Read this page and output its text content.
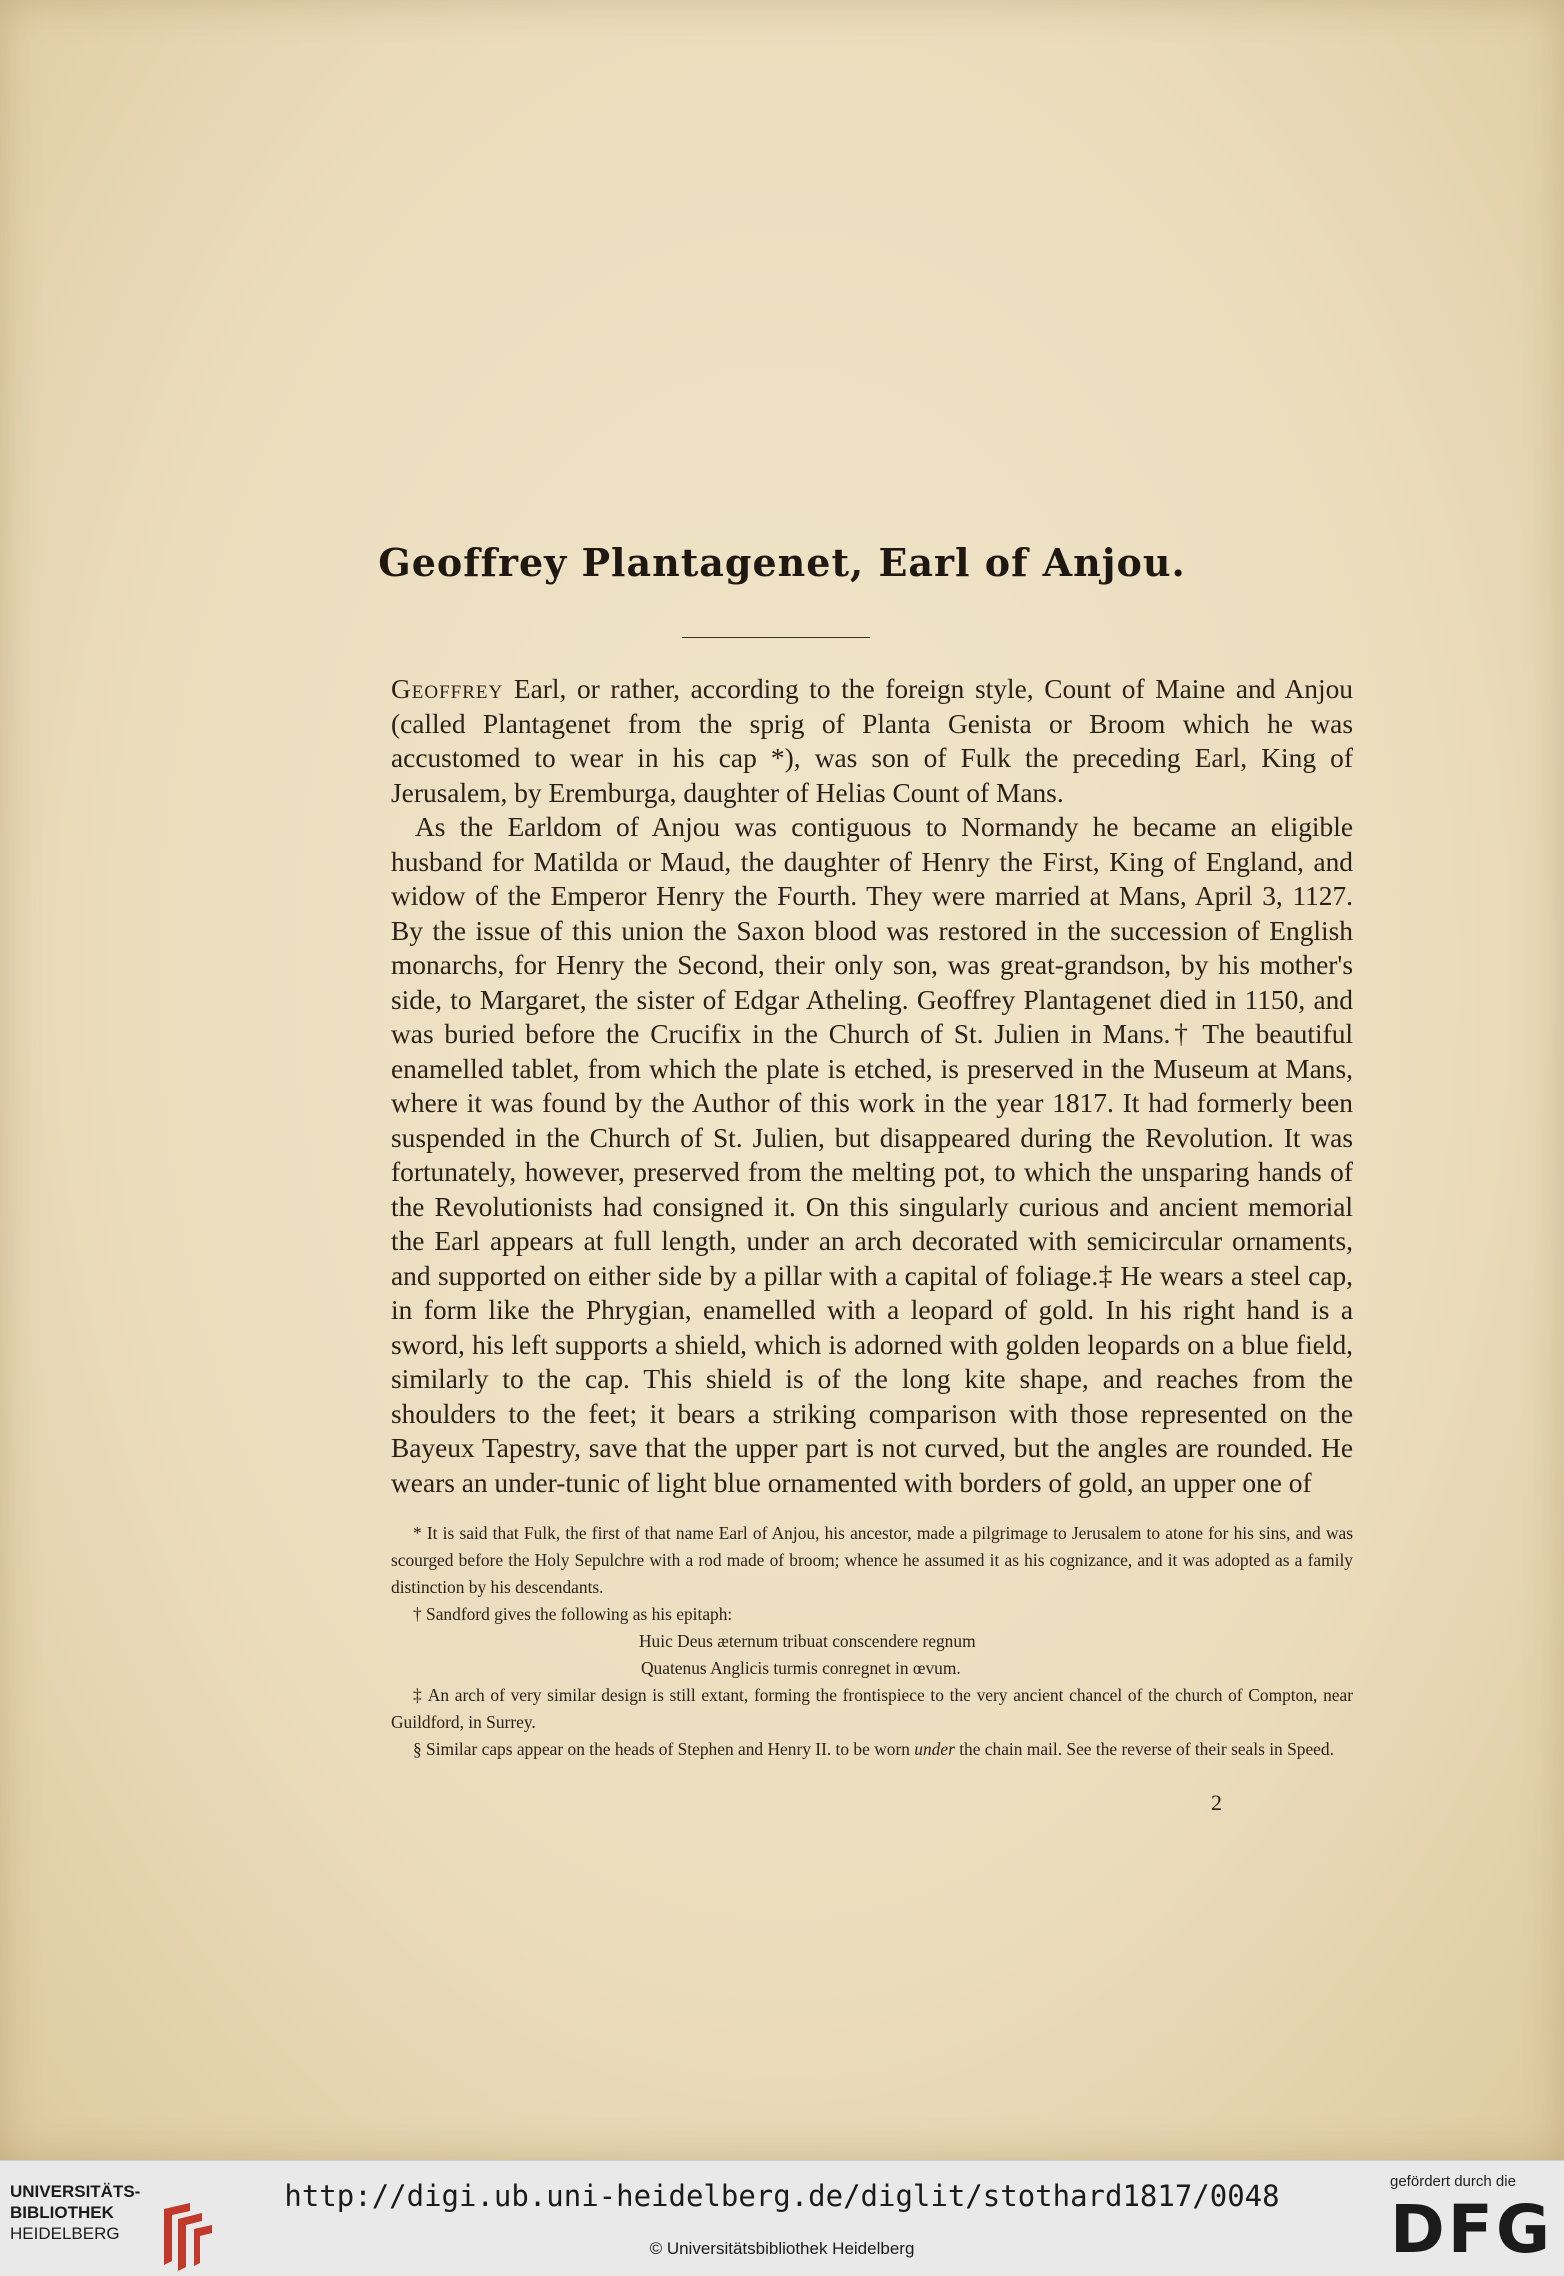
Geoffrey Plantagenet, Earl of Anjou.

Geoffrey Earl, or rather, according to the foreign style, Count of Maine and Anjou (called Plantagenet from the sprig of Planta Genista or Broom which he was accustomed to wear in his cap *), was son of Fulk the preceding Earl, King of Jerusalem, by Eremburga, daughter of Helias Count of Mans.

As the Earldom of Anjou was contiguous to Normandy he became an eligible husband for Matilda or Maud, the daughter of Henry the First, King of England, and widow of the Emperor Henry the Fourth. They were married at Mans, April 3, 1127. By the issue of this union the Saxon blood was restored in the succession of English monarchs, for Henry the Second, their only son, was great-grandson, by his mother's side, to Margaret, the sister of Edgar Atheling. Geoffrey Plantagenet died in 1150, and was buried before the Crucifix in the Church of St. Julien in Mans.† The beautiful enamelled tablet, from which the plate is etched, is preserved in the Museum at Mans, where it was found by the Author of this work in the year 1817. It had formerly been suspended in the Church of St. Julien, but disappeared during the Revolution. It was fortunately, however, preserved from the melting pot, to which the unsparing hands of the Revolutionists had consigned it. On this singularly curious and ancient memorial the Earl appears at full length, under an arch decorated with semicircular ornaments, and supported on either side by a pillar with a capital of foliage.‡ He wears a steel cap, in form like the Phrygian, enamelled with a leopard of gold. In his right hand is a sword, his left supports a shield, which is adorned with golden leopards on a blue field, similarly to the cap. This shield is of the long kite shape, and reaches from the shoulders to the feet; it bears a striking comparison with those represented on the Bayeux Tapestry, save that the upper part is not curved, but the angles are rounded. He wears an under-tunic of light blue ornamented with borders of gold, an upper one of

* It is said that Fulk, the first of that name Earl of Anjou, his ancestor, made a pilgrimage to Jerusalem to atone for his sins, and was scourged before the Holy Sepulchre with a rod made of broom; whence he assumed it as his cognizance, and it was adopted as a family distinction by his descendants.

† Sandford gives the following as his epitaph:

Huic Deus æternum tribuat conscendere regnum

Quatenus Anglicis turmis conregnet in œvum.

‡ An arch of very similar design is still extant, forming the frontispiece to the very ancient chancel of the church of Compton, near Guildford, in Surrey.

§ Similar caps appear on the heads of Stephen and Henry II. to be worn under the chain mail. See the reverse of their seals in Speed.

2
UNIVERSITÄTS-
BIBLIOTHEK
HEIDELBERG
http://digi.ub.uni-heidelberg.de/diglit/stothard1817/0048
© Universitätsbibliothek Heidelberg
gefördert durch die
DFG
